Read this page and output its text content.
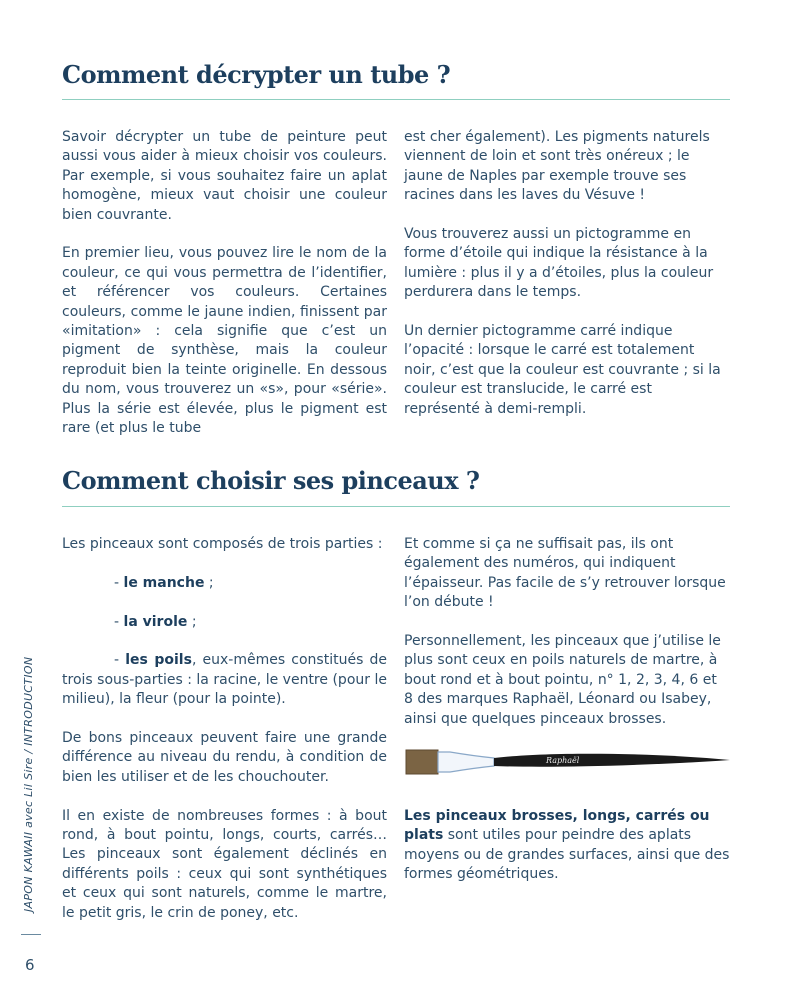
Comment décrypter un tube ?

Savoir décrypter un tube de peinture peut aussi vous aider à mieux choisir vos couleurs. Par exemple, si vous souhaitez faire un aplat homogène, mieux vaut choisir une couleur bien couvrante.

En premier lieu, vous pouvez lire le nom de la couleur, ce qui vous permettra de l’identifier, et référencer vos couleurs. Certaines couleurs, comme le jaune indien, finissent par «imitation» : cela signifie que c’est un pigment de synthèse, mais la couleur reproduit bien la teinte originelle. En dessous du nom, vous trouverez un «s», pour «série». Plus la série est élevée, plus le pigment est rare (et plus le tube

est cher également). Les pigments naturels viennent de loin et sont très onéreux ; le jaune de Naples par exemple trouve ses racines dans les laves du Vésuve !

Vous trouverez aussi un pictogramme en forme d’étoile qui indique la résistance à la lumière : plus il y a d’étoiles, plus la couleur perdurera dans le temps.

Un dernier pictogramme carré indique l’opacité : lorsque le carré est totalement noir, c’est que la couleur est couvrante ; si la couleur est translucide, le carré est représenté à demi-rempli.

Comment choisir ses pinceaux ?

Les pinceaux sont composés de trois parties :

- le manche ;

- la virole ;

- les poils, eux-mêmes constitués de trois sous-parties : la racine, le ventre (pour le milieu), la fleur (pour la pointe).

De bons pinceaux peuvent faire une grande différence au niveau du rendu, à condition de bien les utiliser et de les chouchouter.

Il en existe de nombreuses formes : à bout rond, à bout pointu, longs, courts, carrés… Les pinceaux sont également déclinés en différents poils : ceux qui sont synthétiques et ceux qui sont naturels, comme le martre, le petit gris, le crin de poney, etc.

Et comme si ça ne suffisait pas, ils ont également des numéros, qui indiquent l’épaisseur. Pas facile de s’y retrouver lorsque l’on débute !

Personnellement, les pinceaux que j’utilise le plus sont ceux en poils naturels de martre, à bout rond et à bout pointu, n° 1, 2, 3, 4, 6 et 8 des marques Raphaël, Léonard ou Isabey, ainsi que quelques pinceaux brosses.

Raphaël

Les pinceaux brosses, longs, carrés ou plats sont utiles pour peindre des aplats moyens ou de grandes surfaces, ainsi que des formes géométriques.

JAPON KAWAII avec Lil Sire / INTRODUCTION
6
